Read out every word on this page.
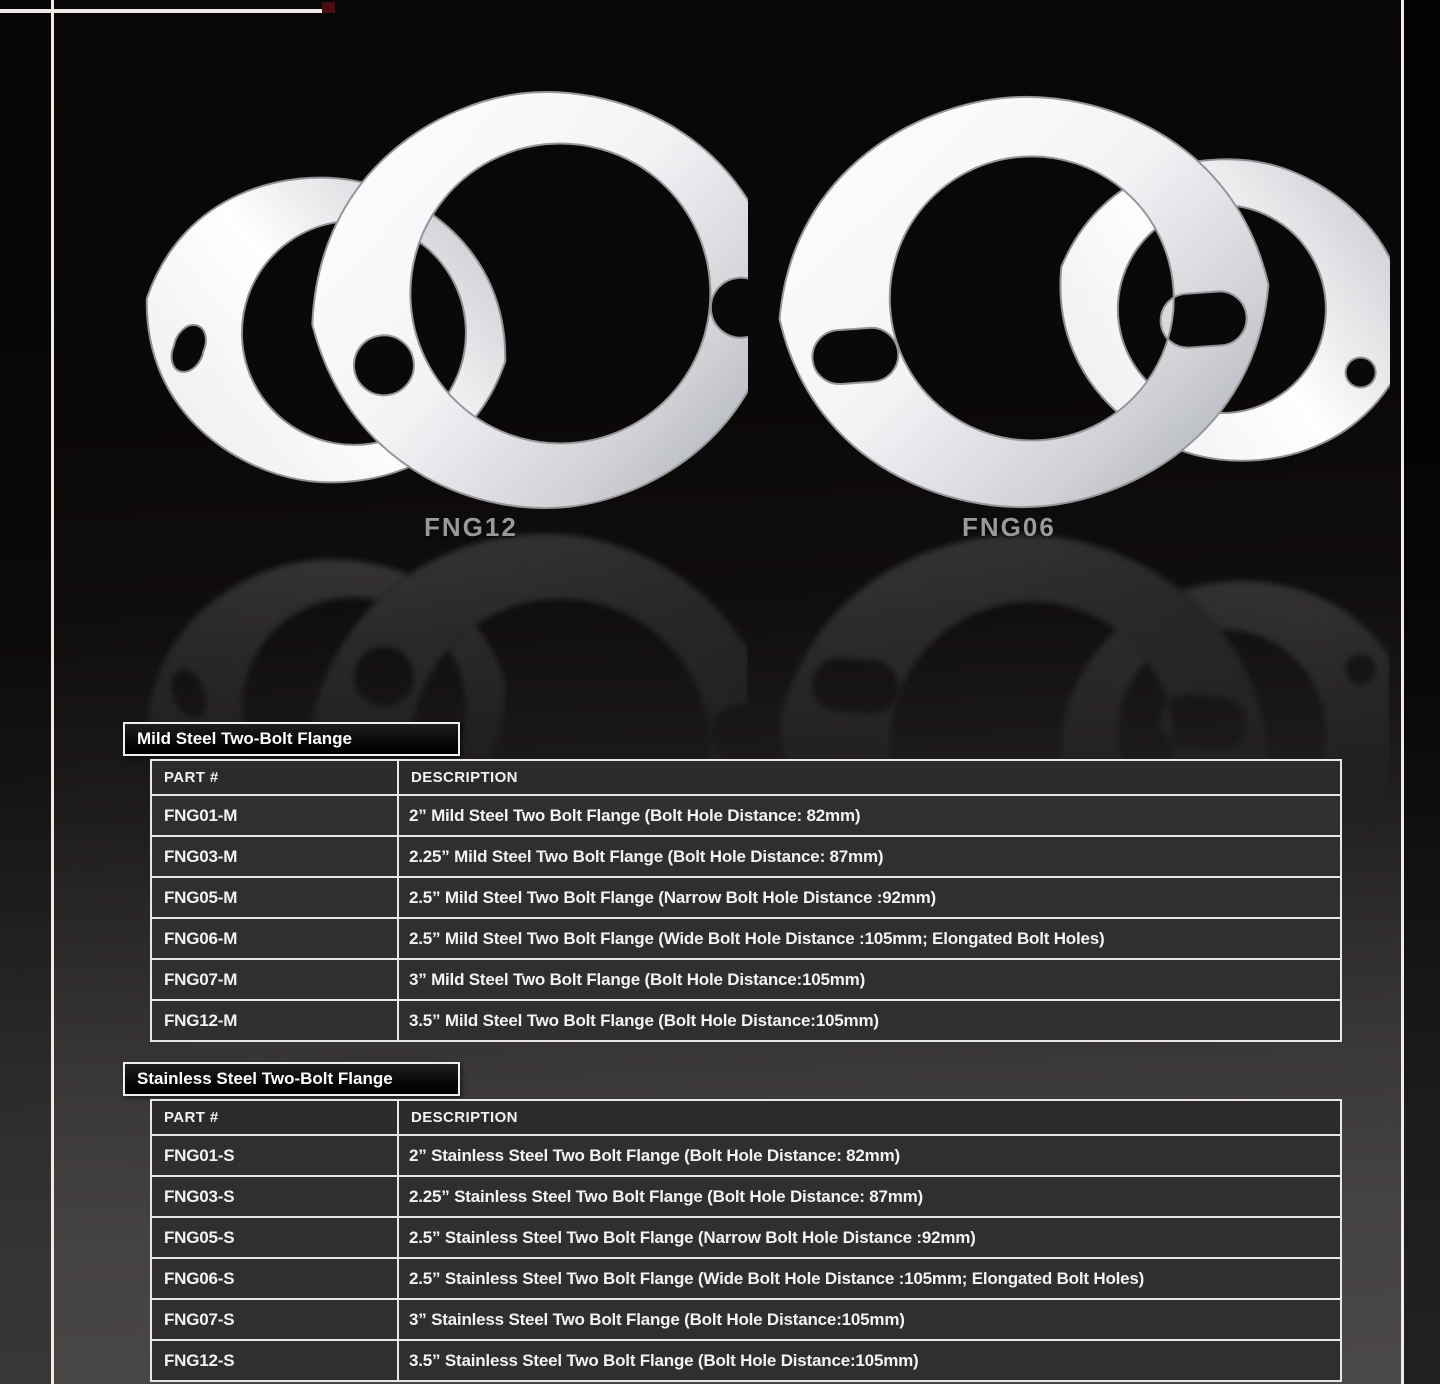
FNG12	FNG06
Mild Steel Two-Bolt Flange
PART #	DESCRIPTION
FNG01-M	2” Mild Steel Two Bolt Flange (Bolt Hole Distance: 82mm)
FNG03-M	2.25” Mild Steel Two Bolt Flange (Bolt Hole Distance: 87mm)
FNG05-M	2.5” Mild Steel Two Bolt Flange (Narrow Bolt Hole Distance :92mm)
FNG06-M	2.5” Mild Steel Two Bolt Flange (Wide Bolt Hole Distance :105mm; Elongated Bolt Holes)
FNG07-M	3” Mild Steel Two Bolt Flange (Bolt Hole Distance:105mm)
FNG12-M	3.5” Mild Steel Two Bolt Flange (Bolt Hole Distance:105mm)
Stainless Steel Two-Bolt Flange
PART #	DESCRIPTION
FNG01-S	2” Stainless Steel Two Bolt Flange (Bolt Hole Distance: 82mm)
FNG03-S	2.25” Stainless Steel Two Bolt Flange (Bolt Hole Distance: 87mm)
FNG05-S	2.5” Stainless Steel Two Bolt Flange (Narrow Bolt Hole Distance :92mm)
FNG06-S	2.5” Stainless Steel Two Bolt Flange (Wide Bolt Hole Distance :105mm; Elongated Bolt Holes)
FNG07-S	3” Stainless Steel Two Bolt Flange (Bolt Hole Distance:105mm)
FNG12-S	3.5” Stainless Steel Two Bolt Flange (Bolt Hole Distance:105mm)
